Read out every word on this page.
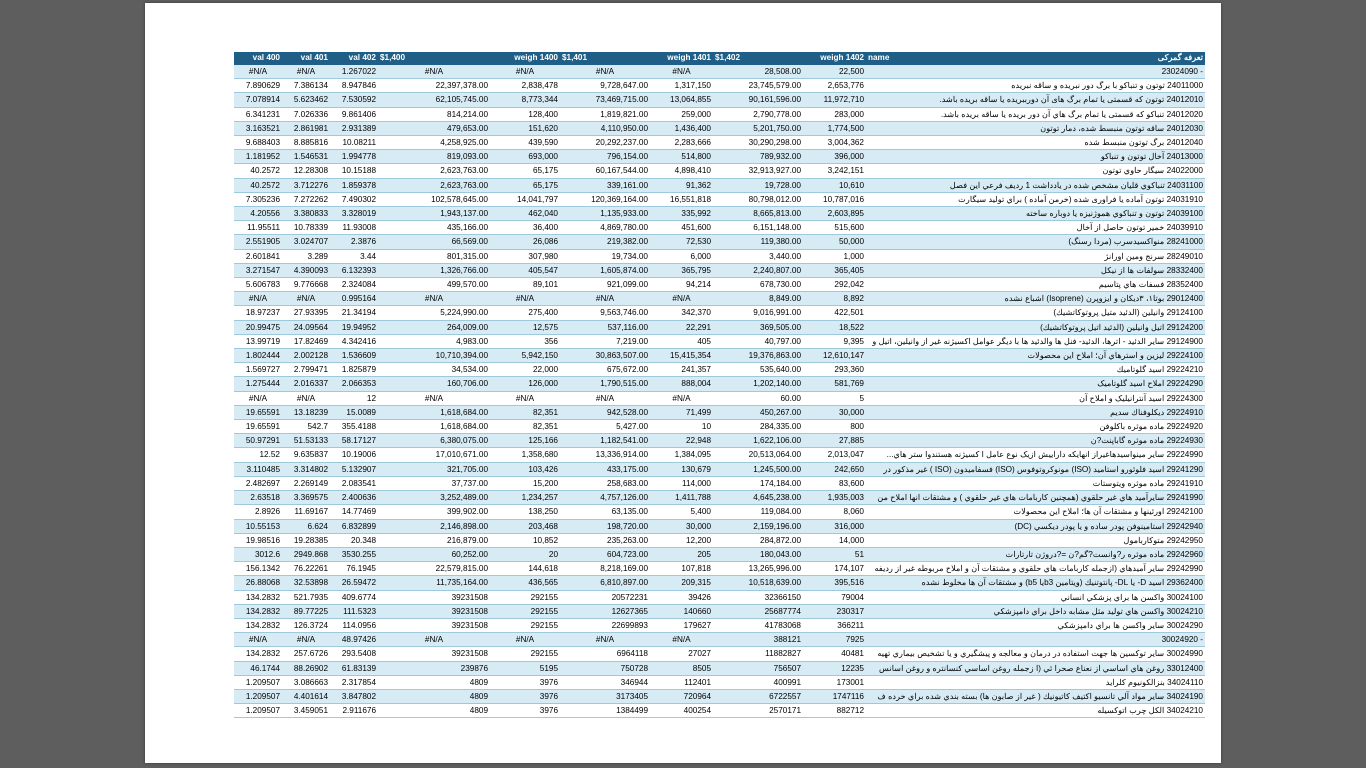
val 400	val 401	val 402	$1,400	weigh 1400	$1,401	weigh 1401	$1,402	weigh 1402	name	تعرفه گمرکی
#N/A	#N/A	1.267022	#N/A	#N/A	#N/A	#N/A	28,508.00	22,500		23024090 -
7.890629	7.386134	8.947846	22,397,378.00	2,838,478	9,728,647.00	1,317,150	23,745,579.00	2,653,776		24011000 توتون و تنباکو با برگ دور نبریده و ساقه نبریده
7.078914	5.623462	7.530592	62,105,745.00	8,773,344	73,469,715.00	13,064,855	90,161,596.00	11,972,710		24012010 توتون که قسمتی یا تمام برگ های آن دورببریده یا ساقه بریده باشد.
6.341231	7.026336	9.861406	814,214.00	128,400	1,819,821.00	259,000	2,790,778.00	283,000		24012020 تنباکو که قسمتی یا تمام برگ هاي آن دور بریده یا ساقه بریده باشد.
3.163521	2.861981	2.931389	479,653.00	151,620	4,110,950.00	1,436,400	5,201,750.00	1,774,500		24012030 ساقه توتون منبسط شده، دمار توتون
9.688403	8.885816	10.08211	4,258,925.00	439,590	20,292,237.00	2,283,666	30,290,298.00	3,004,362		24012040 برگ توتون منبسط شده
1.181952	1.546531	1.994778	819,093.00	693,000	796,154.00	514,800	789,932.00	396,000		24013000 آخال توتون و تنباكو
40.2572	12.28308	10.15188	2,623,763.00	65,175	60,167,544.00	4,898,410	32,913,927.00	3,242,151		24022000 سيگار حاوي توتون
40.2572	3.712276	1.859378	2,623,763.00	65,175	339,161.00	91,362	19,728.00	10,610		24031100 تنباکوي قليان مشخص شده در يادداشت 1 رديف فرعي اين فصل
7.305236	7.272262	7.490302	102,578,645.00	14,041,797	120,369,164.00	16,551,818	80,798,012.00	10,787,016		24031910 توتون آماده يا فراوری شده (خرمن آماده ) براي توليد سيگارت
4.20556	3.380833	3.328019	1,943,137.00	462,040	1,135,933.00	335,992	8,665,813.00	2,603,895		24039100 توتون و تنباکوي هموژنيزه يا دوباره ساخته
11.95511	10.78339	11.93008	435,166.00	36,400	4,869,780.00	451,600	6,151,148.00	515,600		24039910 خمير توتون حاصل از آخال
2.551905	3.024707	2.3876	66,569.00	26,086	219,382.00	72,530	119,380.00	50,000		28241000 منواکسيدسرب (مردا رسنگ)
2.601841	3.289	3.44	801,315.00	307,980	19,734.00	6,000	3,440.00	1,000		28249010 سرنج ومين اورانژ
3.271547	4.390093	6.132393	1,326,766.00	405,547	1,605,874.00	365,795	2,240,807.00	365,405		28332400 سولفات ها از نيکل
5.606783	9.776668	2.324084	499,570.00	89,101	921,099.00	94,214	678,730.00	292,042		28352400 فسفات هاي پتاسيم
#N/A	#N/A	0.995164	#N/A	#N/A	#N/A	#N/A	8,849.00	8,892		29012400 بوتا۱، ۳دیکان و ایزوپرن (Isoprene) اشباع نشده
18.97237	27.93395	21.34194	5,224,990.00	275,400	9,563,746.00	342,370	9,016,991.00	422,501		29124100 وانيلين (الدئيد متيل پروتوکاتشيك)
20.99475	24.09564	19.94952	264,009.00	12,575	537,116.00	22,291	369,505.00	18,522		29124200 اتيل وانيلين (الدئيد اتيل پروتوکاتشيك)
13.99719	17.82469	4.342416	4,983.00	356	7,219.00	405	40,797.00	9,395		29124900 ساير الدئيد - اترها، الدئيد- فنل ها والدئيد ها با ديگر عوامل اكسيژنه غير از وانيلين، اتيل و
1.802444	2.002128	1.536609	10,710,394.00	5,942,150	30,863,507.00	15,415,354	19,376,863.00	12,610,147		29224100 ليزين و استرهاي آن؛ املاح اين محصولات
1.569727	2.799471	1.825879	34,534.00	22,000	675,672.00	241,357	535,640.00	293,360		29224210 اسيد گلوتاميك
1.275444	2.016337	2.066353	160,706.00	126,000	1,790,515.00	888,004	1,202,140.00	581,769		29224290 املاح اسيد گلوتاميک
#N/A	#N/A	12	#N/A	#N/A	#N/A	#N/A	60.00	5		29224300 اسيد آنترانيليک و املاح آن
19.65591	13.18239	15.0089	1,618,684.00	82,351	942,528.00	71,499	450,267.00	30,000		29224910 ديكلوفناك سديم
19.65591	542.7	355.4188	1,618,684.00	82,351	5,427.00	10	284,335.00	800		29224920 ماده موثره باكلوفن
50.97291	51.53133	58.17127	6,380,075.00	125,166	1,182,541.00	22,948	1,622,106.00	27,885		29224930 ماده موثره گاباپنت?ن
12.52	9.635837	10.19006	17,010,671.00	1,358,680	13,336,914.00	1,384,095	20,513,064.00	2,013,047		29224990 ساير مينواسيدهاغيراز انهايكه داراييش ازيک نوع عامل ا کسيژنه هستندوا ستر هاي...
3.110485	3.314802	5.132907	321,705.00	103,426	433,175.00	130,679	1,245,500.00	242,650		29241290 اسيد فلوئورو استاميد (ISO) مونوكروتوفوس (ISO) فسفاميدون (ISO ) غير مذكور در
2.482697	2.269149	2.083541	37,737.00	15,200	258,683.00	114,000	174,184.00	83,600		29241910 ماده موثره ويتوستات
2.63518	3.369575	2.400636	3,252,489.00	1,234,257	4,757,126.00	1,411,788	4,645,238.00	1,935,003		29241990 سايرآميد هاي غير حلقوي (همچنين كاربامات هاي غير حلقوي ) و مشتقات انها املاح من
2.8926	11.69167	14.77469	399,902.00	138,250	63,135.00	5,400	119,084.00	8,060		29242100 اورئينها و مشتقات آن ها؛ املاح اين محصولات
10.55153	6.624	6.832899	2,146,898.00	203,468	198,720.00	30,000	2,159,196.00	316,000		29242940 استامينوفن پودر ساده و يا پودر ديكسي (DC)
19.98516	19.28385	20.348	216,879.00	10,852	235,263.00	12,200	284,872.00	14,000		29242950 متوكاربامول
3012.6	2949.868	3530.255	60,252.00	20	604,723.00	205	180,043.00	51		29242960 ماده موثره ر?وانست?گم?ن =?دروژن تارتارات
156.1342	76.22261	76.1945	22,579,815.00	144,618	8,218,169.00	107,818	13,265,996.00	174,107		29242990 ساير آميدهاي (ازجمله كاربامات هاي حلقوي و مشتقات آن و املاح مربوطه غير از رديفه
26.88068	32.53898	26.59472	11,735,164.00	436,565	6,810,897.00	209,315	10,518,639.00	395,516		29362400 اسيد D- يا DL- پانتوتنيك (ويتامين b3يا b5) و مشتقات آن ها مخلوط نشده
134.2832	521.7935	409.6774	39231508	292155	20572231	39426	32366150	79004		30024100 واكسن ها براي پزشكي انساني
134.2832	89.77225	111.5323	39231508	292155	12627365	140660	25687774	230317		30024210 واكسن هاي توليد مثل مشابه داخل براي دامپزشكي
134.2832	126.3724	114.0956	39231508	292155	22699893	179627	41783068	366211		30024290 ساير واكسن ها براي دامپزشكي
#N/A	#N/A	48.97426	#N/A	#N/A	#N/A	#N/A	388121	7925		30024920 -
134.2832	257.6726	293.5408	39231508	292155	6964118	27027	11882827	40481		30024990 ساير توكسين ها جهت استفاده در درمان و معالجه و پيشگيري و يا تشخيص بيماري تهيه
46.1744	88.26902	61.83139	239876	5195	750728	8505	756507	12235		33012400 روغن هاي اساسي از نعناع صحرا ئي (ا زجمله روغن اساسي كنسانتره و روغن اسانس
1.209507	3.086663	2.317854	4809	3976	346944	112401	400991	173001		34024110 بنزالكونيوم كلرايد
1.209507	4.401614	3.847802	4809	3976	3173405	720964	6722557	1747116		34024190 ساير مواد آلي تانسيو اكتيف كاتيونيك ( غير از صابون ها) بسته بندي شده براي خرده ف
1.209507	3.459051	2.911676	4809	3976	1384499	400254	2570171	882712		34024210 الكل چرب اتوكسيله
